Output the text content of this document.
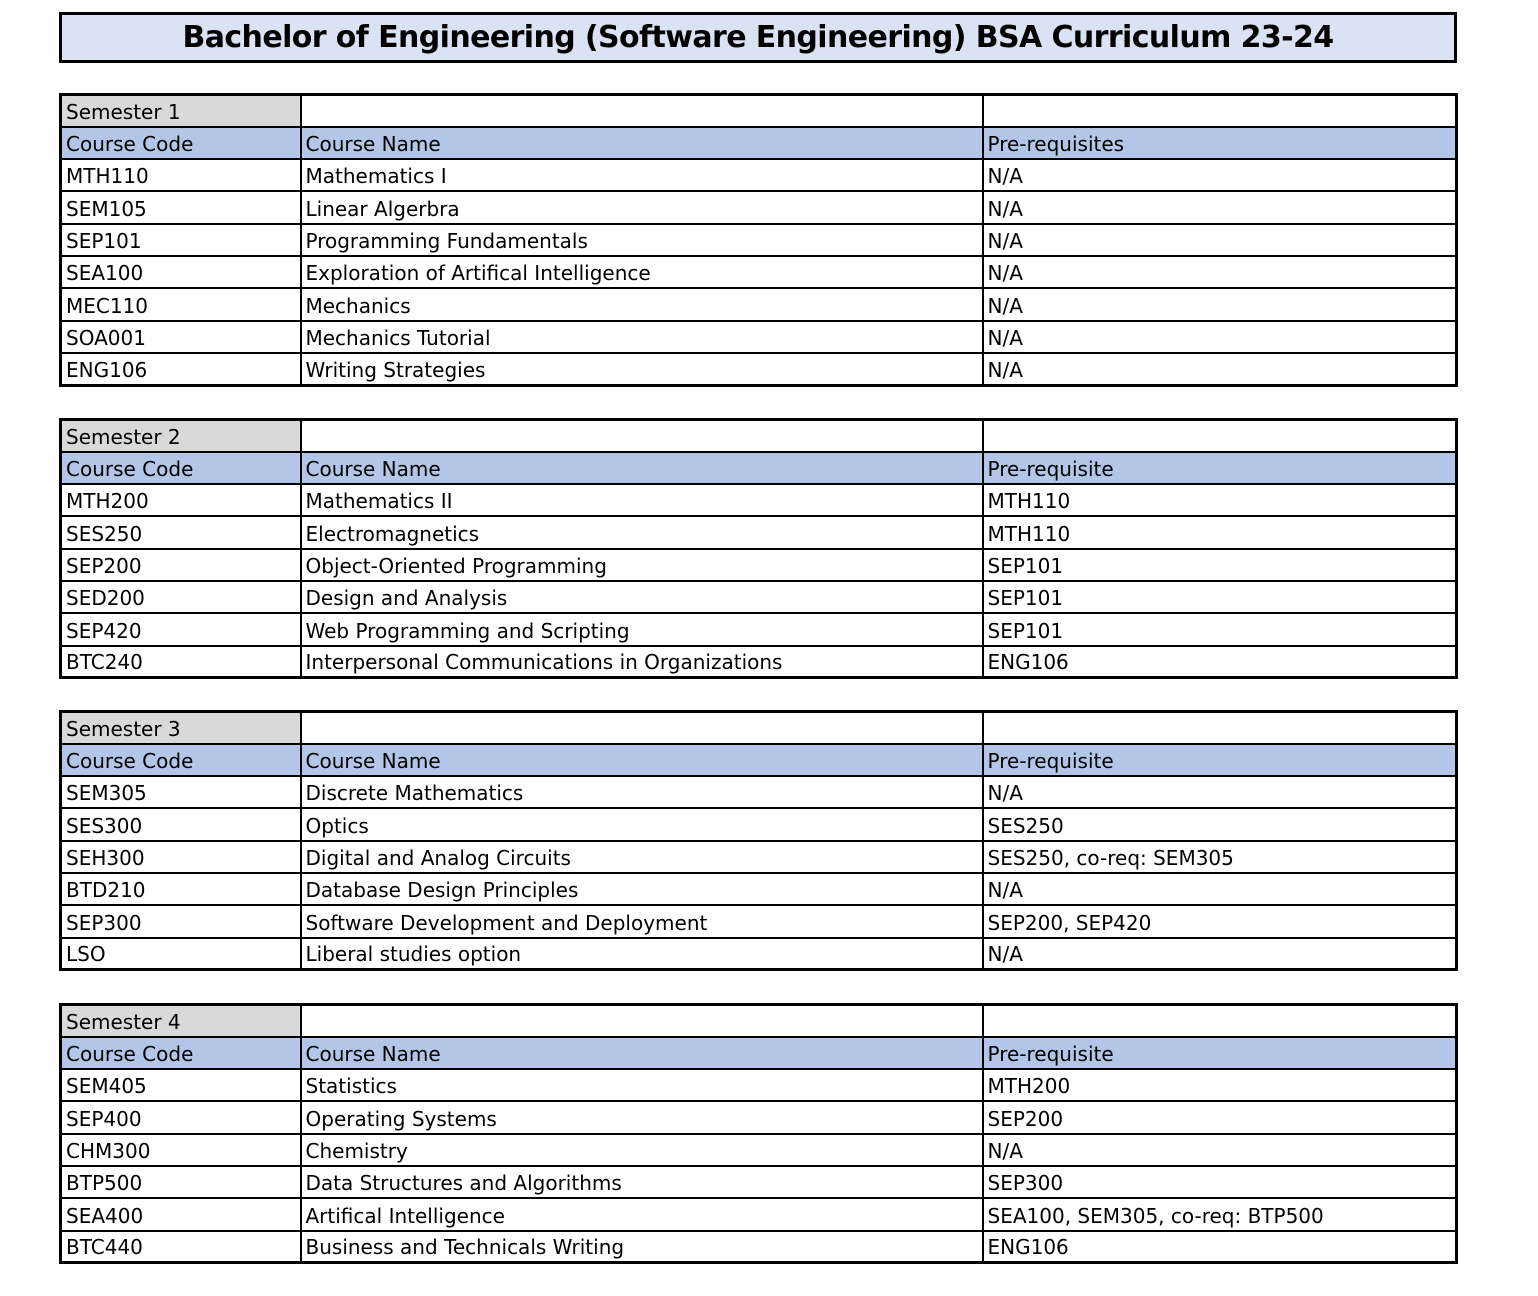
Bachelor of Engineering (Software Engineering) BSA Curriculum 23-24
Semester 1		
Course Code	Course Name	Pre-requisites
MTH110	Mathematics I	N/A
SEM105	Linear Algerbra	N/A
SEP101	Programming Fundamentals	N/A
SEA100	Exploration of Artifical Intelligence	N/A
MEC110	Mechanics	N/A
SOA001	Mechanics Tutorial	N/A
ENG106	Writing Strategies	N/A
Semester 2		
Course Code	Course Name	Pre-requisite
MTH200	Mathematics II	MTH110
SES250	Electromagnetics	MTH110
SEP200	Object-Oriented Programming	SEP101
SED200	Design and Analysis	SEP101
SEP420	Web Programming and Scripting	SEP101
BTC240	Interpersonal Communications in Organizations	ENG106
Semester 3		
Course Code	Course Name	Pre-requisite
SEM305	Discrete Mathematics	N/A
SES300	Optics	SES250
SEH300	Digital and Analog Circuits	SES250, co-req: SEM305
BTD210	Database Design Principles	N/A
SEP300	Software Development and Deployment	SEP200, SEP420
LSO	Liberal studies option	N/A
Semester 4		
Course Code	Course Name	Pre-requisite
SEM405	Statistics	MTH200
SEP400	Operating Systems	SEP200
CHM300	Chemistry	N/A
BTP500	Data Structures and Algorithms	SEP300
SEA400	Artifical Intelligence	SEA100, SEM305, co-req: BTP500
BTC440	Business and Technicals Writing	ENG106
